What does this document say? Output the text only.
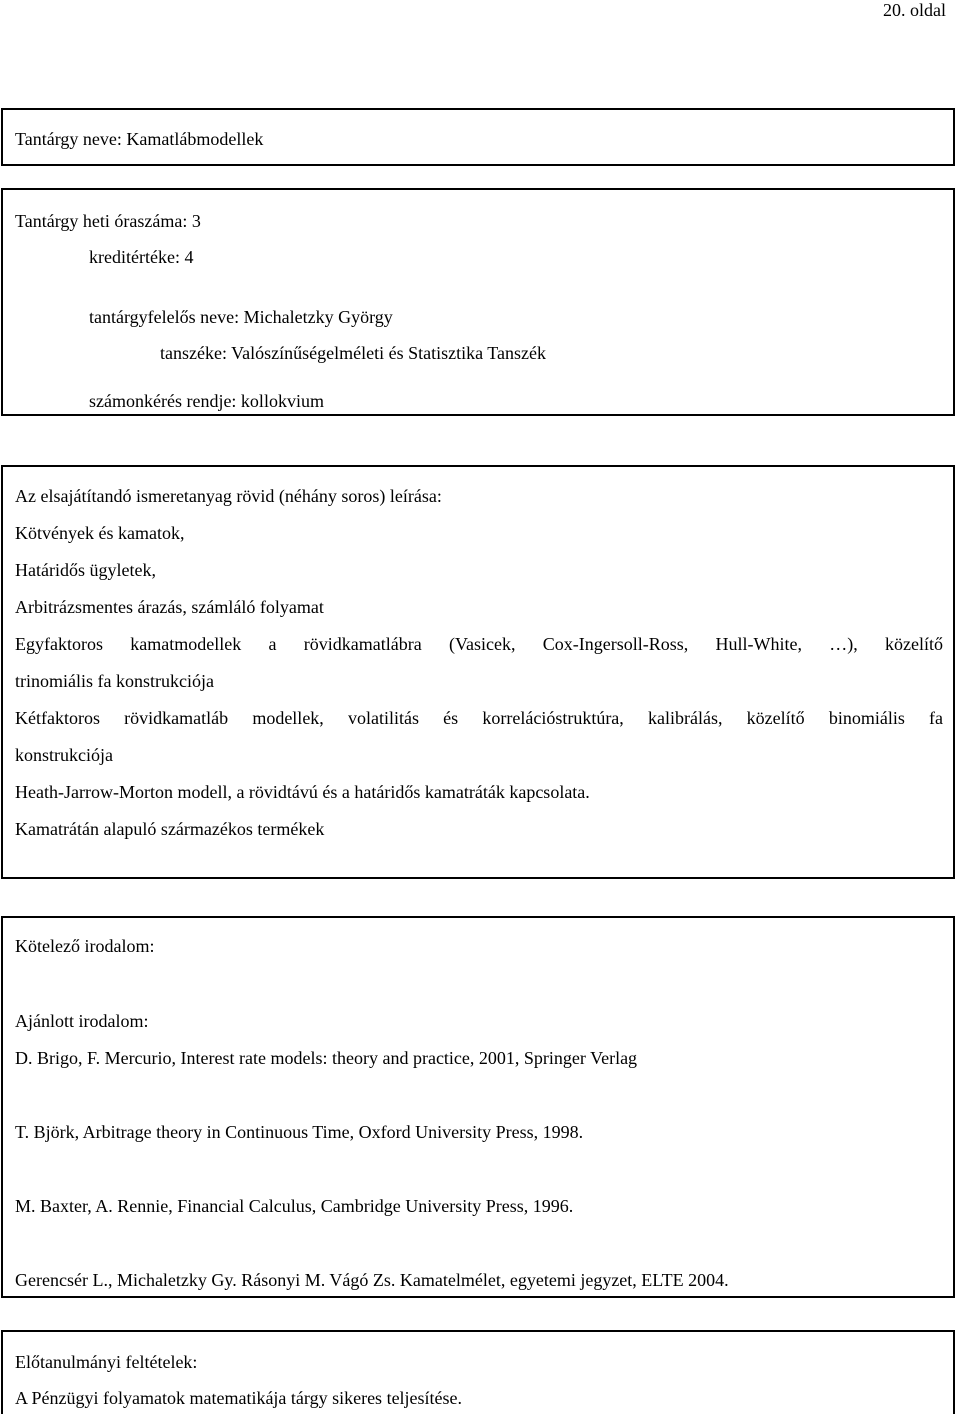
20. oldal
Tantárgy neve: Kamatlábmodellek
Tantárgy heti óraszáma: 3
kreditértéke: 4
tantárgyfelelős neve: Michaletzky György
tanszéke: Valószínűségelméleti és Statisztika Tanszék
számonkérés rendje: kollokvium
Az elsajátítandó ismeretanyag rövid (néhány soros) leírása:
Kötvények és kamatok,
Határidős ügyletek,
Arbitrázsmentes árazás, számláló folyamat
Egyfaktoros kamatmodellek a rövidkamatlábra (Vasicek, Cox-Ingersoll-Ross, Hull-White, …), közelítő
trinomiális fa konstrukciója
Kétfaktoros rövidkamatláb modellek, volatilitás és korrelációstruktúra, kalibrálás, közelítő binomiális fa
konstrukciója
Heath-Jarrow-Morton modell, a rövidtávú és a határidős kamatráták kapcsolata.
Kamatrátán alapuló származékos termékek
Kötelező irodalom:
Ajánlott irodalom:
D. Brigo, F. Mercurio, Interest rate models: theory and practice, 2001, Springer Verlag
T. Björk, Arbitrage theory in Continuous Time, Oxford University Press, 1998.
M. Baxter, A. Rennie, Financial Calculus, Cambridge University Press, 1996.
Gerencsér L., Michaletzky Gy. Rásonyi M. Vágó Zs. Kamatelmélet, egyetemi jegyzet, ELTE 2004.
Előtanulmányi feltételek:
A Pénzügyi folyamatok matematikája tárgy sikeres teljesítése.
